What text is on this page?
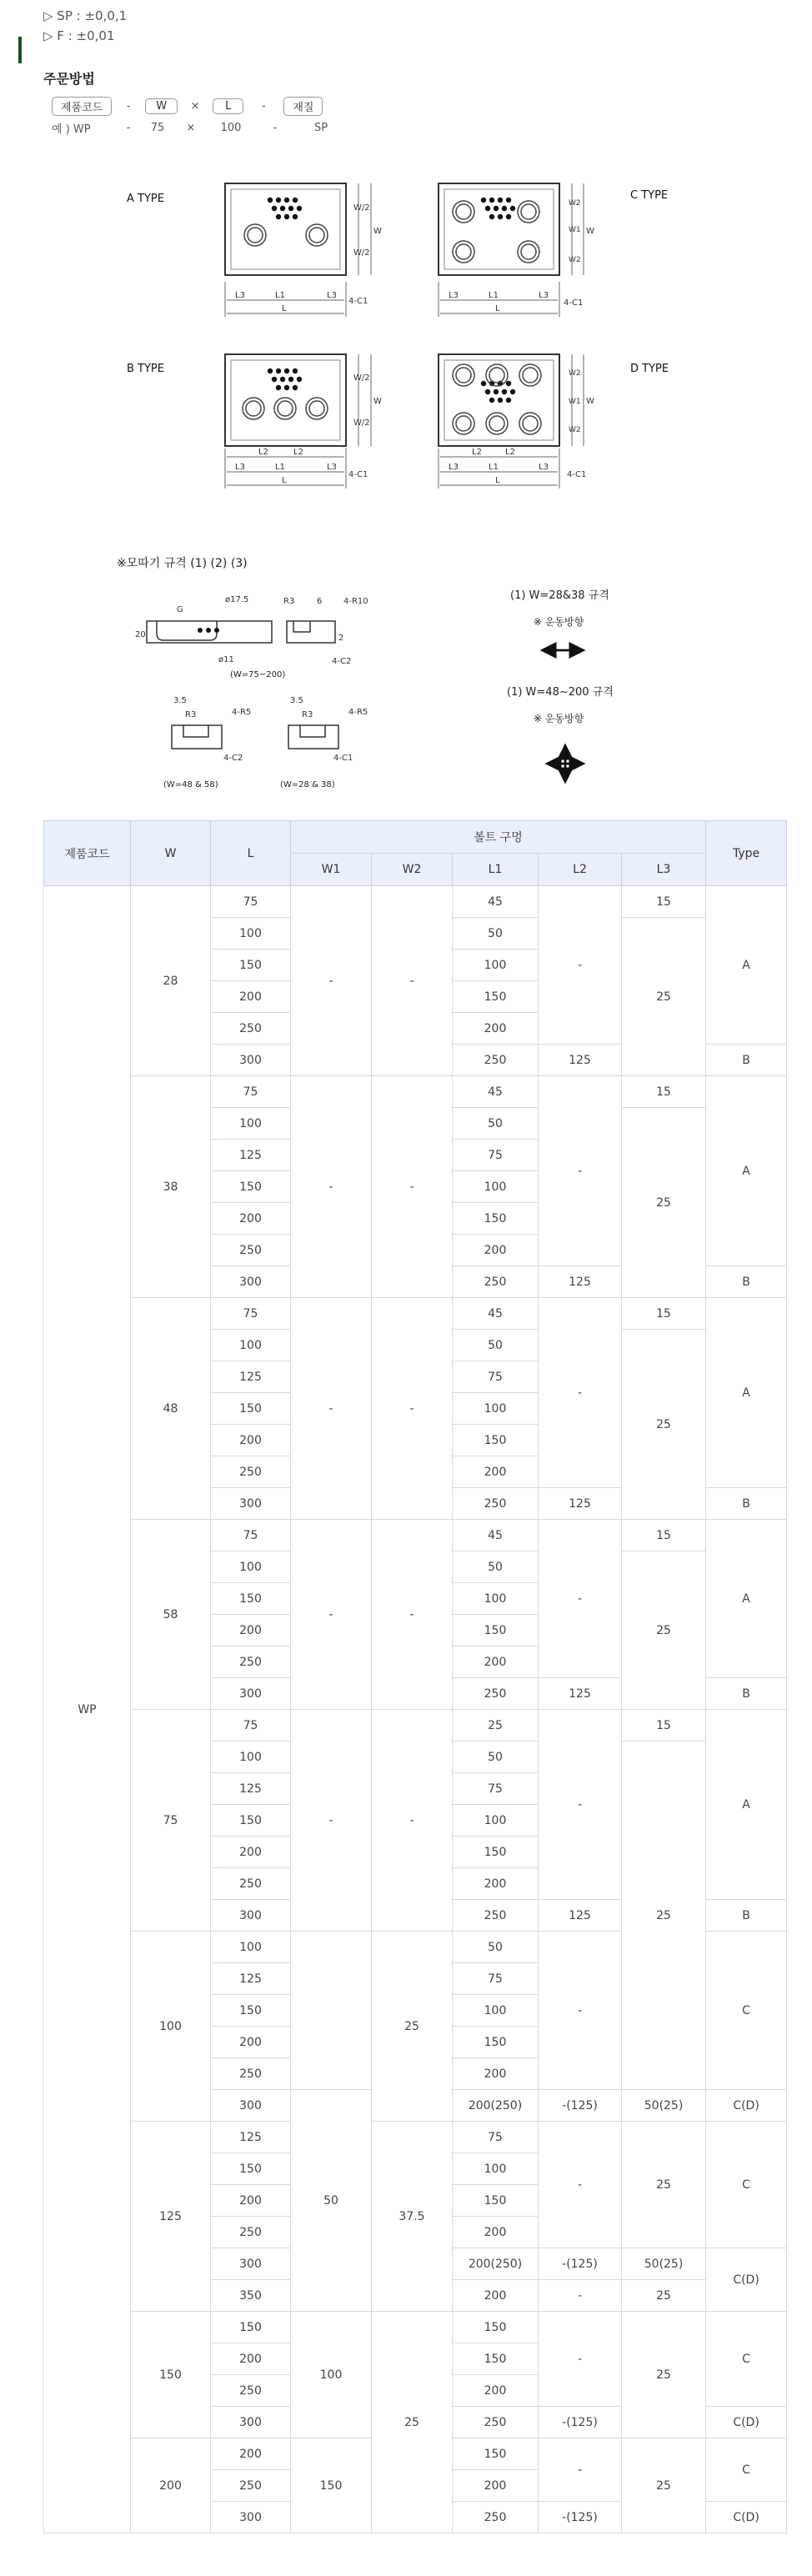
▷ SP : ±0,0,1
▷ F : ±0,01
주문방법
제품코드	-	W	×	L	-	재질
예 ) WP	-	75	×	100	-	SP
A TYPE
L3	L1	L3
L
4-C1
W/2
W/2
W
C TYPE
L3	L1	L3
L
4-C1
W2
W1
W2
W
B TYPE
L2	L2
L3	L1	L3
L
4-C1
W/2
W/2
W
D TYPE
L2	L2
L3	L1	L3
L
4-C1
W2
W1
W2
W
※모따기 규격 (1) (2) (3)
G
ø17.5
ø11
20
(W=75~200)
R3	6	4-R10
4-C2
2
3.5
R3	4-R5
4-C2
(W=48 & 58)
3.5
R3	4-R5
4-C1
(W=28 & 38)
(1) W=28&38 규격
※ 운동방향
(1) W=48~200 규격
※ 운동방향
제품코드	W	L	볼트 구멍					Type
			W1	W2	L1	L2	L3	
WP	28	75	-	-	45	-	15	A
		100			50		25	
		150			100			
		200			150			
		250			200			
		300			250	125		B
	38	75	-	-	45	-	15	A
		100			50		25	
		125			75			
		150			100			
		200			150			
		250			200			
		300			250	125		B
	48	75	-	-	45	-	15	A
		100			50		25	
		125			75			
		150			100			
		200			150			
		250			200			
		300			250	125		B
	58	75	-	-	45	-	15	A
		100			50		25	
		150			100			
		200			150			
		250			200			
		300			250	125		B
	75	75	-	-	25	-	15	A
		100			50		25	
		125			75			
		150			100			
		200			150			
		250			200			
		300			250	125		B
	100	100		25	50	-		C
		125			75			
		150			100			
		200			150			
		250			200			
		300	50		200(250)	-(125)	50(25)	C(D)
	125	125		37.5	75	-	25	C
		150			100			
		200			150			
		250			200			
		300			200(250)	-(125)	50(25)	C(D)
		350			200	-	25	
	150	150	100	25	150	-	25	C
		200			150			
		250			200			
		300			250	-(125)		C(D)
	200	200	150		150	-	25	C
		250			200			
		300			250	-(125)		C(D)
